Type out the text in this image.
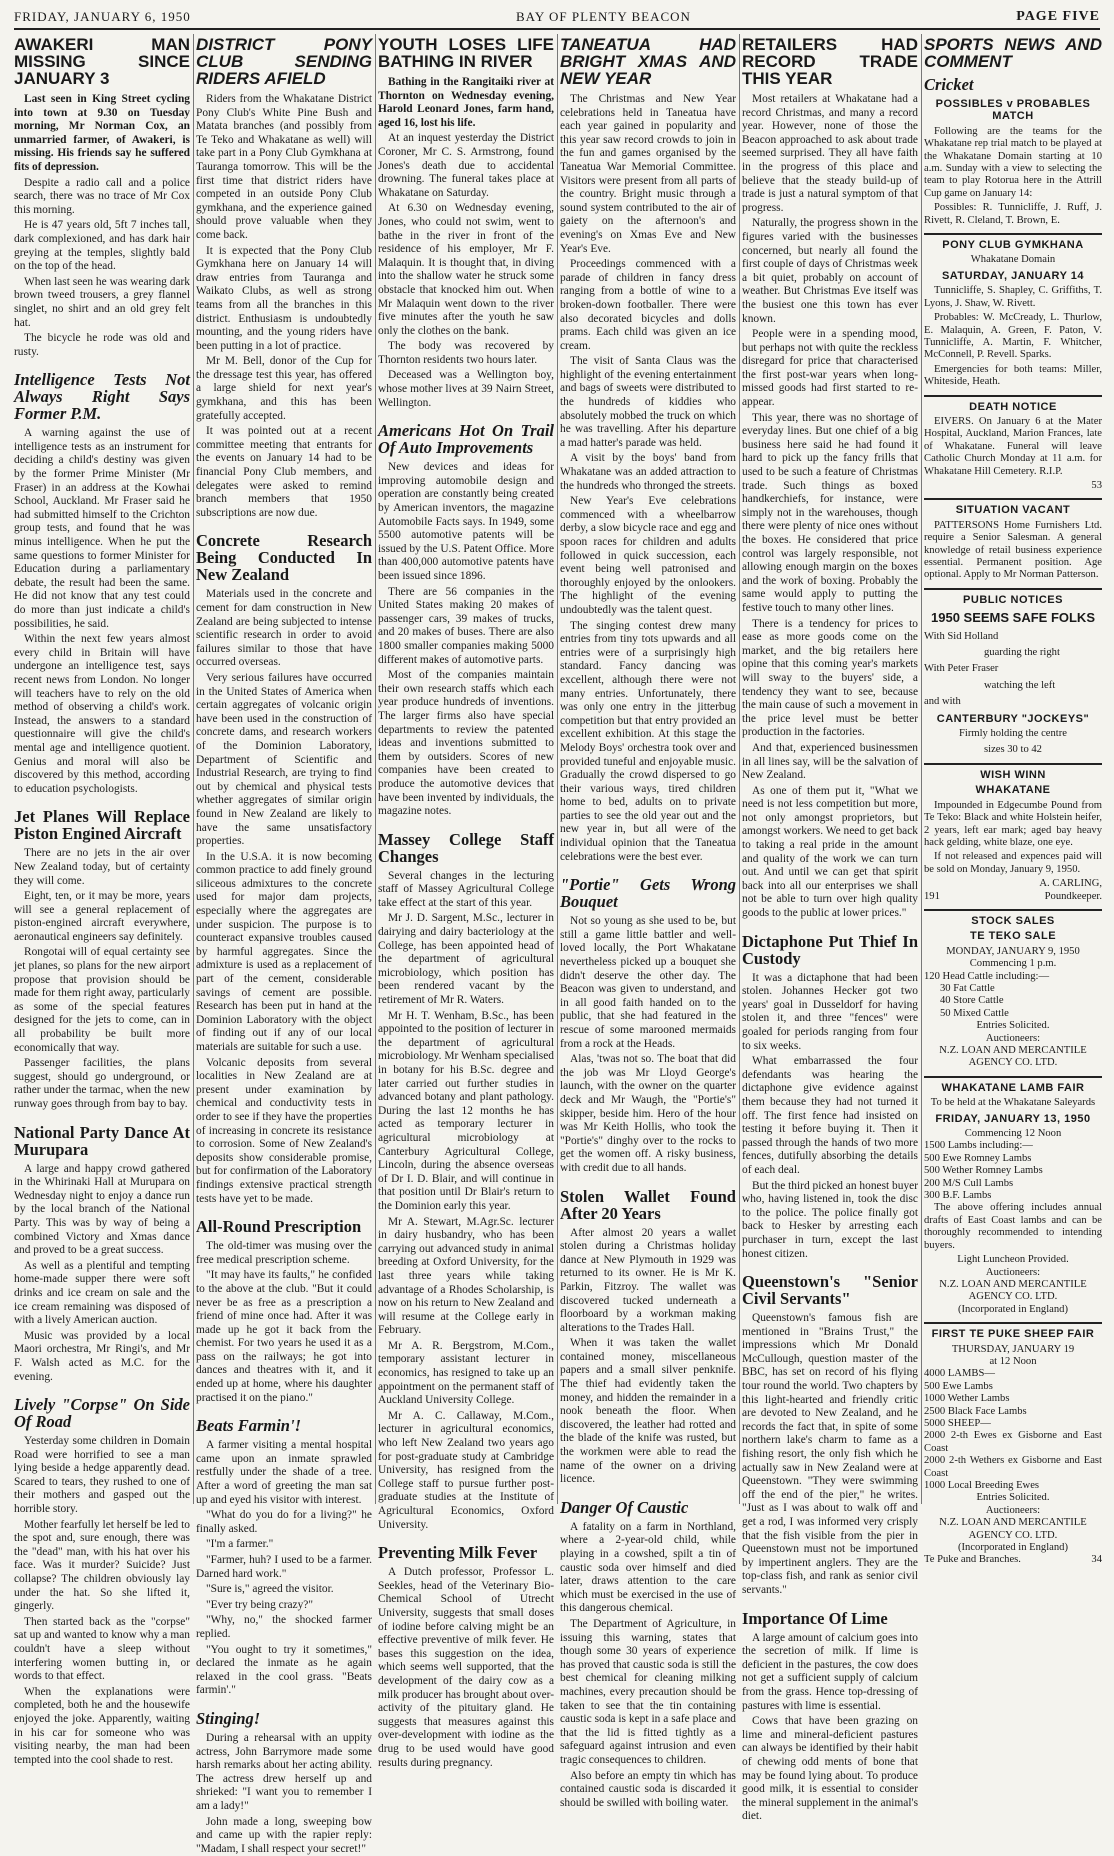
FRIDAY, JANUARY 6, 1950	BAY OF PLENTY BEACON	PAGE FIVE
AWAKERI MAN MISSING SINCE JANUARY 3

Last seen in King Street cycling into town at 9.30 on Tuesday morning, Mr Norman Cox, an unmarried farmer, of Awakeri, is missing. His friends say he suffered fits of depression.

Despite a radio call and a police search, there was no trace of Mr Cox this morning.

He is 47 years old, 5ft 7 inches tall, dark complexioned, and has dark hair greying at the temples, slightly bald on the top of the head.

When last seen he was wearing dark brown tweed trousers, a grey flannel singlet, no shirt and an old grey felt hat.

The bicycle he rode was old and rusty.

Intelligence Tests Not Always Right Says Former P.M.

A warning against the use of intelligence tests as an instrument for deciding a child's destiny was given by the former Prime Minister (Mr Fraser) in an address at the Kowhai School, Auckland. Mr Fraser said he had submitted himself to the Crichton group tests, and found that he was minus intelligence. When he put the same questions to former Minister for Education during a parliamentary debate, the result had been the same. He did not know that any test could do more than just indicate a child's possibilities, he said.

Within the next few years almost every child in Britain will have undergone an intelligence test, says recent news from London. No longer will teachers have to rely on the old method of observing a child's work. Instead, the answers to a standard questionnaire will give the child's mental age and intelligence quotient. Genius and moral will also be discovered by this method, according to education psychologists.

Jet Planes Will Replace Piston Engined Aircraft

There are no jets in the air over New Zealand today, but of certainty they will come.

Eight, ten, or it may be more, years will see a general replacement of piston-engined aircraft everywhere, aeronautical engineers say definitely.

Rongotai will of equal certainty see jet planes, so plans for the new airport propose that provision should be made for them right away, particularly as some of the special features designed for the jets to come, can in all probability be built more economically that way.

Passenger facilities, the plans suggest, should go underground, or rather under the tarmac, when the new runway goes through from bay to bay.

National Party Dance At Murupara

A large and happy crowd gathered in the Whirinaki Hall at Murupara on Wednesday night to enjoy a dance run by the local branch of the National Party. This was by way of being a combined Victory and Xmas dance and proved to be a great success.

As well as a plentiful and tempting home-made supper there were soft drinks and ice cream on sale and the ice cream remaining was disposed of with a lively American auction.

Music was provided by a local Maori orchestra, Mr Ringi's, and Mr F. Walsh acted as M.C. for the evening.

Lively "Corpse" On Side Of Road

Yesterday some children in Domain Road were horrified to see a man lying beside a hedge apparently dead. Scared to tears, they rushed to one of their mothers and gasped out the horrible story.

Mother fearfully let herself be led to the spot and, sure enough, there was the "dead" man, with his hat over his face. Was it murder? Suicide? Just collapse? The children obviously lay under the hat. So she lifted it, gingerly.

Then started back as the "corpse" sat up and wanted to know why a man couldn't have a sleep without interfering women butting in, or words to that effect.

When the explanations were completed, both he and the housewife enjoyed the joke. Apparently, waiting in his car for someone who was visiting nearby, the man had been tempted into the cool shade to rest.

DISTRICT PONY CLUB SENDING RIDERS AFIELD

Riders from the Whakatane District Pony Club's White Pine Bush and Matata branches (and possibly from Te Teko and Whakatane as well) will take part in a Pony Club Gymkhana at Tauranga tomorrow. This will be the first time that district riders have competed in an outside Pony Club gymkhana, and the experience gained should prove valuable when they come back.

It is expected that the Pony Club Gymkhana here on January 14 will draw entries from Tauranga and Waikato Clubs, as well as strong teams from all the branches in this district. Enthusiasm is undoubtedly mounting, and the young riders have been putting in a lot of practice.

Mr M. Bell, donor of the Cup for the dressage test this year, has offered a large shield for next year's gymkhana, and this has been gratefully accepted.

It was pointed out at a recent committee meeting that entrants for the events on January 14 had to be financial Pony Club members, and delegates were asked to remind branch members that 1950 subscriptions are now due.

Concrete Research Being Conducted In New Zealand

Materials used in the concrete and cement for dam construction in New Zealand are being subjected to intense scientific research in order to avoid failures similar to those that have occurred overseas.

Very serious failures have occurred in the United States of America when certain aggregates of volcanic origin have been used in the construction of concrete dams, and research workers of the Dominion Laboratory, Department of Scientific and Industrial Research, are trying to find out by chemical and physical tests whether aggregates of similar origin found in New Zealand are likely to have the same unsatisfactory properties.

In the U.S.A. it is now becoming common practice to add finely ground siliceous admixtures to the concrete used for major dam projects, especially where the aggregates are under suspicion. The purpose is to counteract expansive troubles caused by harmful aggregates. Since the admixture is used as a replacement of part of the cement, considerable savings of cement are possible. Research has been put in hand at the Dominion Laboratory with the object of finding out if any of our local materials are suitable for such a use.

Volcanic deposits from several localities in New Zealand are at present under examination by chemical and conductivity tests in order to see if they have the properties of increasing in concrete its resistance to corrosion. Some of New Zealand's deposits show considerable promise, but for confirmation of the Laboratory findings extensive practical strength tests have yet to be made.

All-Round Prescription

The old-timer was musing over the free medical prescription scheme.

"It may have its faults," he confided to the above at the club. "But it could never be as free as a prescription a friend of mine once had. After it was made up he got it back from the chemist. For two years he used it as a pass on the railways; he got into dances and theatres with it, and it ended up at home, where his daughter practised it on the piano."

Beats Farmin'!

A farmer visiting a mental hospital came upon an inmate sprawled restfully under the shade of a tree. After a word of greeting the man sat up and eyed his visitor with interest.

"What do you do for a living?" he finally asked.

"I'm a farmer."

"Farmer, huh? I used to be a farmer. Darned hard work."

"Sure is," agreed the visitor.

"Ever try being crazy?"

"Why, no," the shocked farmer replied.

"You ought to try it sometimes," declared the inmate as he again relaxed in the cool grass. "Beats farmin'."

Stinging!

During a rehearsal with an uppity actress, John Barrymore made some harsh remarks about her acting ability. The actress drew herself up and shrieked: "I want you to remember I am a lady!"

John made a long, sweeping bow and came up with the rapier reply: "Madam, I shall respect your secret!"

YOUTH LOSES LIFE BATHING IN RIVER

Bathing in the Rangitaiki river at Thornton on Wednesday evening, Harold Leonard Jones, farm hand, aged 16, lost his life.

At an inquest yesterday the District Coroner, Mr C. S. Armstrong, found Jones's death due to accidental drowning. The funeral takes place at Whakatane on Saturday.

At 6.30 on Wednesday evening, Jones, who could not swim, went to bathe in the river in front of the residence of his employer, Mr F. Malaquin. It is thought that, in diving into the shallow water he struck some obstacle that knocked him out. When Mr Malaquin went down to the river five minutes after the youth he saw only the clothes on the bank.

The body was recovered by Thornton residents two hours later.

Deceased was a Wellington boy, whose mother lives at 39 Nairn Street, Wellington.

Americans Hot On Trail Of Auto Improvements

New devices and ideas for improving automobile design and operation are constantly being created by American inventors, the magazine Automobile Facts says. In 1949, some 5500 automotive patents will be issued by the U.S. Patent Office. More than 400,000 automotive patents have been issued since 1896.

There are 56 companies in the United States making 20 makes of passenger cars, 39 makes of trucks, and 20 makes of buses. There are also 1800 smaller companies making 5000 different makes of automotive parts.

Most of the companies maintain their own research staffs which each year produce hundreds of inventions. The larger firms also have special departments to review the patented ideas and inventions submitted to them by outsiders. Scores of new companies have been created to produce the automotive devices that have been invented by individuals, the magazine notes.

Massey College Staff Changes

Several changes in the lecturing staff of Massey Agricultural College take effect at the start of this year.

Mr J. D. Sargent, M.Sc., lecturer in dairying and dairy bacteriology at the College, has been appointed head of the department of agricultural microbiology, which position has been rendered vacant by the retirement of Mr R. Waters.

Mr H. T. Wenham, B.Sc., has been appointed to the position of lecturer in the department of agricultural microbiology. Mr Wenham specialised in botany for his B.Sc. degree and later carried out further studies in advanced botany and plant pathology. During the last 12 months he has acted as temporary lecturer in agricultural microbiology at Canterbury Agricultural College, Lincoln, during the absence overseas of Dr I. D. Blair, and will continue in that position until Dr Blair's return to the Dominion early this year.

Mr A. Stewart, M.Agr.Sc. lecturer in dairy husbandry, who has been carrying out advanced study in animal breeding at Oxford University, for the last three years while taking advantage of a Rhodes Scholarship, is now on his return to New Zealand and will resume at the College early in February.

Mr A. R. Bergstrom, M.Com., temporary assistant lecturer in economics, has resigned to take up an appointment on the permanent staff of Auckland University College.

Mr A. C. Callaway, M.Com., lecturer in agricultural economics, who left New Zealand two years ago for post-graduate study at Cambridge University, has resigned from the College staff to pursue further post-graduate studies at the Institute of Agricultural Economics, Oxford University.

Preventing Milk Fever

A Dutch professor, Professor L. Seekles, head of the Veterinary Bio-Chemical School of Utrecht University, suggests that small doses of iodine before calving might be an effective preventive of milk fever. He bases this suggestion on the idea, which seems well supported, that the development of the dairy cow as a milk producer has brought about over-activity of the pituitary gland. He suggests that measures against this over-development with iodine as the drug to be used would have good results during pregnancy.

TANEATUA HAD BRIGHT XMAS AND NEW YEAR

The Christmas and New Year celebrations held in Taneatua have each year gained in popularity and this year saw record crowds to join in the fun and games organised by the Taneatua War Memorial Committee. Visitors were present from all parts of the country. Bright music through a sound system contributed to the air of gaiety on the afternoon's and evening's on Xmas Eve and New Year's Eve.

Proceedings commenced with a parade of children in fancy dress ranging from a bottle of wine to a broken-down footballer. There were also decorated bicycles and dolls prams. Each child was given an ice cream.

The visit of Santa Claus was the highlight of the evening entertainment and bags of sweets were distributed to the hundreds of kiddies who absolutely mobbed the truck on which he was travelling. After his departure a mad hatter's parade was held.

A visit by the boys' band from Whakatane was an added attraction to the hundreds who thronged the streets.

New Year's Eve celebrations commenced with a wheelbarrow derby, a slow bicycle race and egg and spoon races for children and adults followed in quick succession, each event being well patronised and thoroughly enjoyed by the onlookers. The highlight of the evening undoubtedly was the talent quest.

The singing contest drew many entries from tiny tots upwards and all entries were of a surprisingly high standard. Fancy dancing was excellent, although there were not many entries. Unfortunately, there was only one entry in the jitterbug competition but that entry provided an excellent exhibition. At this stage the Melody Boys' orchestra took over and provided tuneful and enjoyable music. Gradually the crowd dispersed to go their various ways, tired children home to bed, adults on to private parties to see the old year out and the new year in, but all were of the individual opinion that the Taneatua celebrations were the best ever.

"Portie" Gets Wrong Bouquet

Not so young as she used to be, but still a game little battler and well-loved locally, the Port Whakatane nevertheless picked up a bouquet she didn't deserve the other day. The Beacon was given to understand, and in all good faith handed on to the public, that she had featured in the rescue of some marooned mermaids from a rock at the Heads.

Alas, 'twas not so. The boat that did the job was Mr Lloyd George's launch, with the owner on the quarter deck and Mr Waugh, the "Portie's" skipper, beside him. Hero of the hour was Mr Keith Hollis, who took the "Portie's" dinghy over to the rocks to get the women off. A risky business, with credit due to all hands.

Stolen Wallet Found After 20 Years

After almost 20 years a wallet stolen during a Christmas holiday dance at New Plymouth in 1929 was returned to its owner. He is Mr K. Parkin, Fitzroy. The wallet was discovered tucked underneath a floorboard by a workman making alterations to the Trades Hall.

When it was taken the wallet contained money, miscellaneous papers and a small silver penknife. The thief had evidently taken the money, and hidden the remainder in a nook beneath the floor. When discovered, the leather had rotted and the blade of the knife was rusted, but the workmen were able to read the name of the owner on a driving licence.

Danger Of Caustic

A fatality on a farm in Northland, where a 2-year-old child, while playing in a cowshed, spilt a tin of caustic soda over himself and died later, draws attention to the care which must be exercised in the use of this dangerous chemical.

The Department of Agriculture, in issuing this warning, states that though some 30 years of experience has proved that caustic soda is still the best chemical for cleaning milking machines, every precaution should be taken to see that the tin containing caustic soda is kept in a safe place and that the lid is fitted tightly as a safeguard against intrusion and even tragic consequences to children.

Also before an empty tin which has contained caustic soda is discarded it should be swilled with boiling water.

RETAILERS HAD RECORD TRADE THIS YEAR

Most retailers at Whakatane had a record Christmas, and many a record year. However, none of those the Beacon approached to ask about trade seemed surprised. They all have faith in the progress of this place and believe that the steady build-up of trade is just a natural symptom of that progress.

Naturally, the progress shown in the figures varied with the businesses concerned, but nearly all found the first couple of days of Christmas week a bit quiet, probably on account of weather. But Christmas Eve itself was the busiest one this town has ever known.

People were in a spending mood, but perhaps not with quite the reckless disregard for price that characterised the first post-war years when long-missed goods had first started to re-appear.

This year, there was no shortage of everyday lines. But one chief of a big business here said he had found it hard to pick up the fancy frills that used to be such a feature of Christmas trade. Such things as boxed handkerchiefs, for instance, were simply not in the warehouses, though there were plenty of nice ones without the boxes. He considered that price control was largely responsible, not allowing enough margin on the boxes and the work of boxing. Probably the same would apply to putting the festive touch to many other lines.

There is a tendency for prices to ease as more goods come on the market, and the big retailers here opine that this coming year's markets will sway to the buyers' side, a tendency they want to see, because the main cause of such a movement in the price level must be better production in the factories.

And that, experienced businessmen in all lines say, will be the salvation of New Zealand.

As one of them put it, "What we need is not less competition but more, not only amongst proprietors, but amongst workers. We need to get back to taking a real pride in the amount and quality of the work we can turn out. And until we can get that spirit back into all our enterprises we shall not be able to turn over high quality goods to the public at lower prices."

Dictaphone Put Thief In Custody

It was a dictaphone that had been stolen. Johannes Hecker got two years' goal in Dusseldorf for having stolen it, and three "fences" were goaled for periods ranging from four to six weeks.

What embarrassed the four defendants was hearing the dictaphone give evidence against them because they had not turned it off. The first fence had insisted on testing it before buying it. Then it passed through the hands of two more fences, dutifully absorbing the details of each deal.

But the third picked an honest buyer who, having listened in, took the disc to the police. The police finally got back to Hesker by arresting each purchaser in turn, except the last honest citizen.

Queenstown's "Senior Civil Servants"

Queenstown's famous fish are mentioned in "Brains Trust," the impressions which Mr Donald McCullough, question master of the BBC, has set on record of his flying tour round the world. Two chapters by this light-hearted and friendly critic are devoted to New Zealand, and he records the fact that, in spite of some northern lake's charm to fame as a fishing resort, the only fish which he actually saw in New Zealand were at Queenstown. "They were swimming off the end of the pier," he writes. "Just as I was about to walk off and get a rod, I was informed very crisply that the fish visible from the pier in Queenstown must not be importuned by impertinent anglers. They are the top-class fish, and rank as senior civil servants."

Importance Of Lime

A large amount of calcium goes into the secretion of milk. If lime is deficient in the pastures, the cow does not get a sufficient supply of calcium from the grass. Hence top-dressing of pastures with lime is essential.

Cows that have been grazing on lime and mineral-deficient pastures can always be identified by their habit of chewing odd ments of bone that may be found lying about. To produce good milk, it is essential to consider the mineral supplement in the animal's diet.

SPORTS NEWS AND COMMENT
Cricket
POSSIBLES v PROBABLES MATCH

Following are the teams for the Whakatane rep trial match to be played at the Whakatane Domain starting at 10 a.m. Sunday with a view to selecting the team to play Rotorua here in the Attrill Cup game on January 14:

Possibles: R. Tunnicliffe, J. Ruff, J. Rivett, R. Cleland, T. Brown, E.

PONY CLUB GYMKHANA
Whakatane Domain
SATURDAY, JANUARY 14

Tunnicliffe, S. Shapley, C. Griffiths, T. Lyons, J. Shaw, W. Rivett.

Probables: W. McCready, L. Thurlow, E. Malaquin, A. Green, F. Paton, V. Tunnicliffe, A. Martin, F. Whitcher, McConnell, P. Revell. Sparks.

Emergencies for both teams: Miller, Whiteside, Heath.

DEATH NOTICE

EIVERS. On January 6 at the Mater Hospital, Auckland, Marion Frances, late of Whakatane. Funeral will leave Catholic Church Monday at 11 a.m. for Whakatane Hill Cemetery. R.I.P.

53
SITUATION VACANT

PATTERSONS Home Furnishers Ltd. require a Senior Salesman. A general knowledge of retail business experience essential. Permanent position. Age optional. Apply to Mr Norman Patterson.

PUBLIC NOTICES
1950 SEEMS SAFE FOLKS

With Sid Holland

guarding the right

With Peter Fraser

watching the left

and with

CANTERBURY "JOCKEYS"

Firmly holding the centre

sizes 30 to 42

WISH WINN
WHAKATANE

Impounded in Edgecumbe Pound from Te Teko: Black and white Holstein heifer, 2 years, left ear mark; aged bay heavy hack gelding, white blaze, one eye.

If not released and expences paid will be sold on Monday, January 9, 1950.

A. CARLING,
191	Poundkeeper.
STOCK SALES
TE TEKO SALE
MONDAY, JANUARY 9, 1950
Commencing 1 p.m.
120 Head Cattle including:—
30 Fat Cattle
40 Store Cattle
50 Mixed Cattle
Entries Solicited.
Auctioneers:
N.Z. LOAN AND MERCANTILE AGENCY CO. LTD.
WHAKATANE LAMB FAIR
To be held at the Whakatane Saleyards
FRIDAY, JANUARY 13, 1950
Commencing 12 Noon
1500 Lambs including:—
500 Ewe Romney Lambs
500 Wether Romney Lambs
200 M/S Cull Lambs
300 B.F. Lambs

The above offering includes annual drafts of East Coast lambs and can be thoroughly recommended to intending buyers.

Light Luncheon Provided.
Auctioneers:
N.Z. LOAN AND MERCANTILE AGENCY CO. LTD.
(Incorporated in England)
FIRST TE PUKE SHEEP FAIR
THURSDAY, JANUARY 19
at 12 Noon
4000 LAMBS—
500 Ewe Lambs
1000 Wether Lambs
2500 Black Face Lambs
5000 SHEEP—
2000 2-th Ewes ex Gisborne and East Coast
2000 2-th Wethers ex Gisborne and East Coast
1000 Local Breeding Ewes
Entries Solicited.
Auctioneers:
N.Z. LOAN AND MERCANTILE AGENCY CO. LTD.
(Incorporated in England)
Te Puke and Branches.	34
